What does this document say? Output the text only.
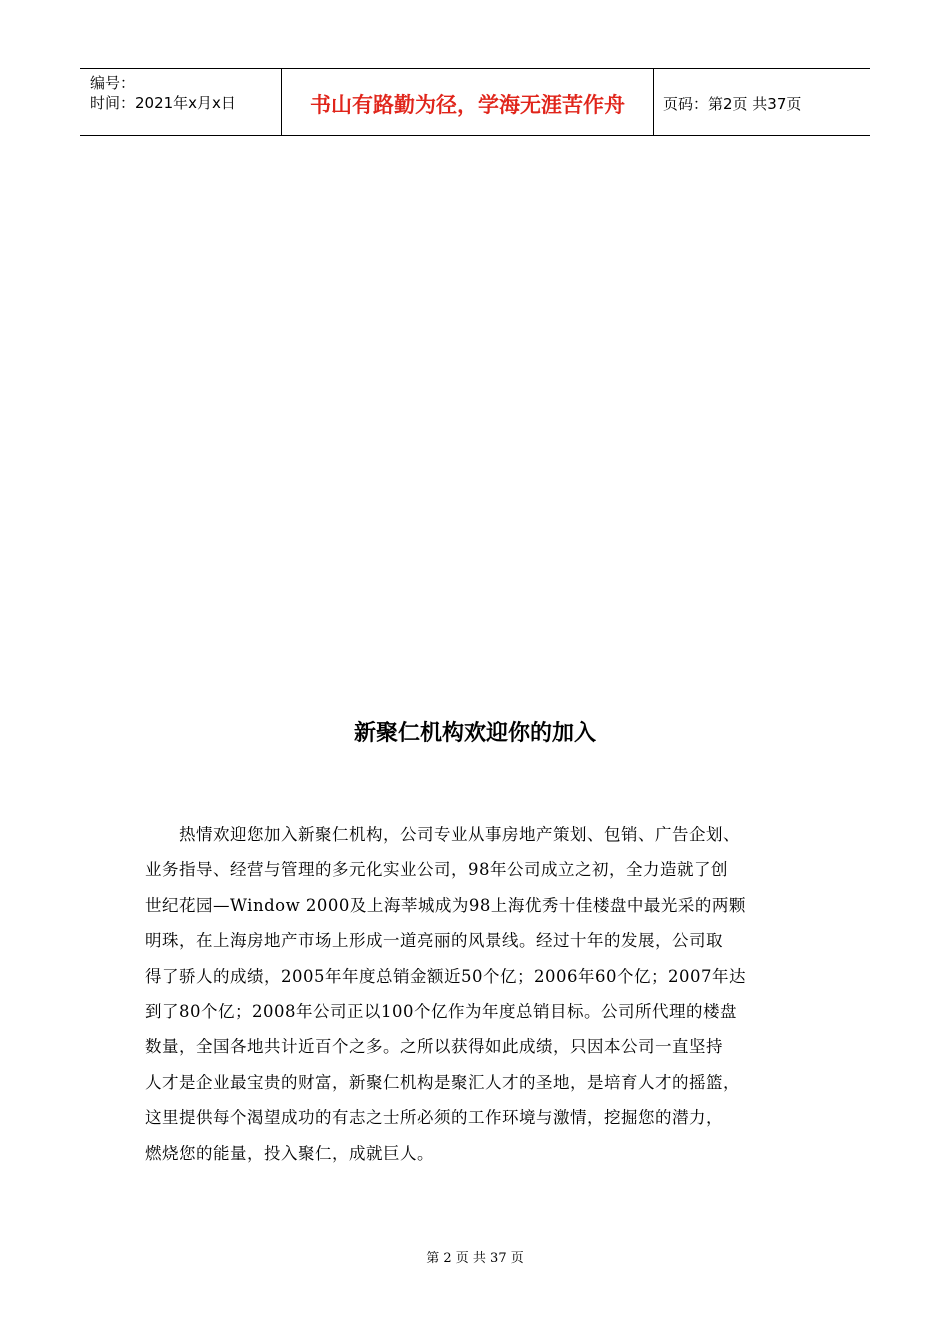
编号：
时间：2021年x月x日	书山有路勤为径，学海无涯苦作舟	页码：第2页 共37页
新聚仁机构欢迎你的加入
　　热情欢迎您加入新聚仁机构，公司专业从事房地产策划、包销、广告企划、
业务指导、经营与管理的多元化实业公司，98年公司成立之初，全力造就了创
世纪花园—Window 2000及上海莘城成为98上海优秀十佳楼盘中最光采的两颗
明珠，在上海房地产市场上形成一道亮丽的风景线。经过十年的发展，公司取
得了骄人的成绩，2005年年度总销金额近50个亿；2006年60个亿；2007年达
到了80个亿；2008年公司正以100个亿作为年度总销目标。公司所代理的楼盘
数量，全国各地共计近百个之多。之所以获得如此成绩，只因本公司一直坚持
人才是企业最宝贵的财富，新聚仁机构是聚汇人才的圣地，是培育人才的摇篮，
这里提供每个渴望成功的有志之士所必须的工作环境与激情，挖掘您的潜力，
燃烧您的能量，投入聚仁，成就巨人。
第 2 页 共 37 页
